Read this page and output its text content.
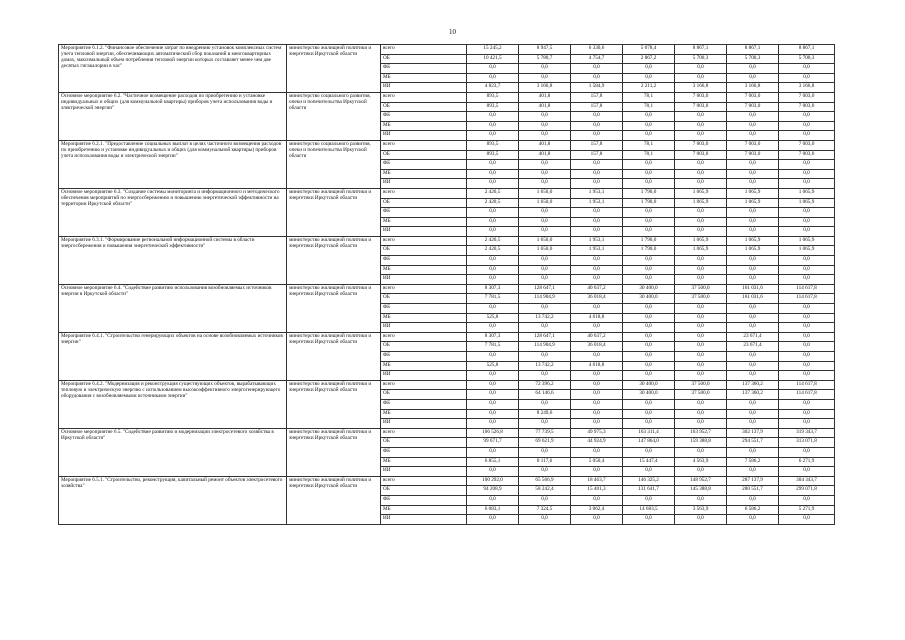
10
Мероприятие 6.1.2. "Финансовое обеспечение затрат по внедрению установок комплексных систем учета тепловой энергии, обеспечивающих автоматический сбор показаний в многоквартирных домах, максимальный объем потребления тепловой энергии которых составляет менее чем две десятых гигакалории в час"	министерство жилищной политики и энергетики Иркутской области	всего	15 245,2	8 947,5	6 330,6	5 078,4	8 867,1	8 867,1	8 867,1
		ОБ	10 421,5	5 780,7	4 754,7	2 867,2	5 700,3	5 700,3	5 700,3
		ФБ	0,0	0,0	0,0	0,0	0,0	0,0	0,0
		МБ	0,0	0,0	0,0	0,0	0,0	0,0	0,0
		ИИ	4 823,7	3 166,8	1 584,9	2 211,2	3 166,8	3 166,8	3 166,8
Основное мероприятие 6.2. "Частичное возмещение расходов по приобретению и установке индивидуальных и общих (для коммунальной квартиры) приборов учета использования воды и электрической энергии"	министерство социального развития, опеки и попечительства Иркутской области	всего	893,5	401,8	157,8	78,1	7 003,0	7 003,0	7 003,0
		ОБ	893,5	401,8	157,8	78,1	7 003,0	7 003,0	7 003,0
		ФБ	0,0	0,0	0,0	0,0	0,0	0,0	0,0
		МБ	0,0	0,0	0,0	0,0	0,0	0,0	0,0
		ИИ	0,0	0,0	0,0	0,0	0,0	0,0	0,0
Мероприятие 6.2.1. "Предоставление социальных выплат в целях частичного возмещения расходов по приобретению и установке индивидуальных и общих (для коммунальной квартиры) приборов учета использования воды и электрической энергии"	министерство социального развития, опеки и попечительства Иркутской области	всего	893,5	401,8	157,8	78,1	7 003,0	7 003,0	7 003,0
		ОБ	893,5	401,8	157,8	78,1	7 003,0	7 003,0	7 003,0
		ФБ	0,0	0,0	0,0	0,0	0,0	0,0	0,0
		МБ	0,0	0,0	0,0	0,0	0,0	0,0	0,0
		ИИ	0,0	0,0	0,0	0,0	0,0	0,0	0,0
Основное мероприятие 6.3. "Создание системы мониторинга и информационного и методического обеспечения мероприятий по энергосбережению и повышению энергетической эффективности на территории Иркутской области"	министерство жилищной политики и энергетики Иркутской области	всего	2 420,5	1 650,0	1 953,1	1 790,0	1 065,9	1 065,9	1 065,9
		ОБ	2 420,5	1 650,0	1 953,1	1 790,0	1 065,9	1 065,9	1 065,9
		ФБ	0,0	0,0	0,0	0,0	0,0	0,0	0,0
		МБ	0,0	0,0	0,0	0,0	0,0	0,0	0,0
		ИИ	0,0	0,0	0,0	0,0	0,0	0,0	0,0
Мероприятие 6.3.1. "Формирование региональной информационной системы в области энергосбережения и повышения энергетической эффективности"	министерство жилищной политики и энергетики Иркутской области	всего	2 420,5	1 650,0	1 953,1	1 790,0	1 065,9	1 065,9	1 065,9
		ОБ	2 420,5	1 650,0	1 953,1	1 790,0	1 065,9	1 065,9	1 065,9
		ФБ	0,0	0,0	0,0	0,0	0,0	0,0	0,0
		МБ	0,0	0,0	0,0	0,0	0,0	0,0	0,0
		ИИ	0,0	0,0	0,0	0,0	0,0	0,0	0,0
Основное мероприятие 6.4. "Содействие развитию использования возобновляемых источников энергии в Иркутской области"	министерство жилищной политики и энергетики Иркутской области	всего	8 307,3	128 647,1	40 637,2	30 400,0	37 500,0	161 031,6	114 617,8
		ОБ	7 781,5	114 904,9	36 018,4	30 400,0	37 500,0	161 031,6	114 617,8
		ФБ	0,0	0,0	0,0	0,0	0,0	0,0	0,0
		МБ	525,8	13 742,2	4 618,8	0,0	0,0	0,0	0,0
		ИИ	0,0	0,0	0,0	0,0	0,0	0,0	0,0
Мероприятие 6.4.1. "Строительство генерирующих объектов на основе возобновляемых источников энергии"	министерство жилищной политики и энергетики Иркутской области	всего	8 307,3	128 647,1	40 637,2	0,0	0,0	23 671,4	0,0
		ОБ	7 781,5	114 904,9	36 018,4	0,0	0,0	23 671,4	0,0
		ФБ	0,0	0,0	0,0	0,0	0,0	0,0	0,0
		МБ	525,8	13 742,2	4 618,8	0,0	0,0	0,0	0,0
		ИИ	0,0	0,0	0,0	0,0	0,0	0,0	0,0
Мероприятие 6.4.2. "Модернизация и реконструкция существующих объектов, вырабатывающих тепловую и электрическую энергию с использованием высокоэффективного энергогенерирующего оборудования с возобновляемыми источниками энергии"	министерство жилищной политики и энергетики Иркутской области	всего	0,0	72 396,2	0,0	30 400,0	37 500,0	137 360,2	114 617,8
		ОБ	0,0	64 146,6	0,0	30 400,0	37 500,0	137 360,2	114 617,8
		ФБ	0,0	0,0	0,0	0,0	0,0	0,0	0,0
		МБ	0,0	8 249,6	0,0	0,0	0,0	0,0	0,0
		ИИ	0,0	0,0	0,0	0,0	0,0	0,0	0,0
Основное мероприятие 6.5. "Содействие развитию и модернизации электросетевого хозяйства в Иркутской области"	министерство жилищной политики и энергетики Иркутской области	всего	106 526,8	77 739,5	49 975,3	163 311,4	163 952,7	302 137,9	319 343,7
		ОБ	99 671,7	69 621,9	44 924,9	147 864,0	159 388,8	294 551,7	313 071,8
		ФБ	0,0	0,0	0,0	0,0	0,0	0,0	0,0
		МБ	6 855,1	8 117,6	5 050,4	15 447,4	4 563,9	7 586,2	6 271,9
		ИИ	0,0	0,0	0,0	0,0	0,0	0,0	0,0
Мероприятие 6.5.1. "Строительство, реконструкция, капитальный ремонт объектов электросетевого хозяйства"	министерство жилищной политики и энергетики Иркутской области	всего	100 292,0	65 566,9	18 463,7	146 325,2	148 952,7	287 137,9	304 343,7
		ОБ	94 208,9	58 242,4	15 401,3	131 641,7	145 388,8	280 551,7	299 071,8
		ФБ	0,0	0,0	0,0	0,0	0,0	0,0	0,0
		МБ	6 083,1	7 324,5	3 062,4	14 683,5	3 563,9	6 586,2	5 271,9
		ИИ	0,0	0,0	0,0	0,0	0,0	0,0	0,0
